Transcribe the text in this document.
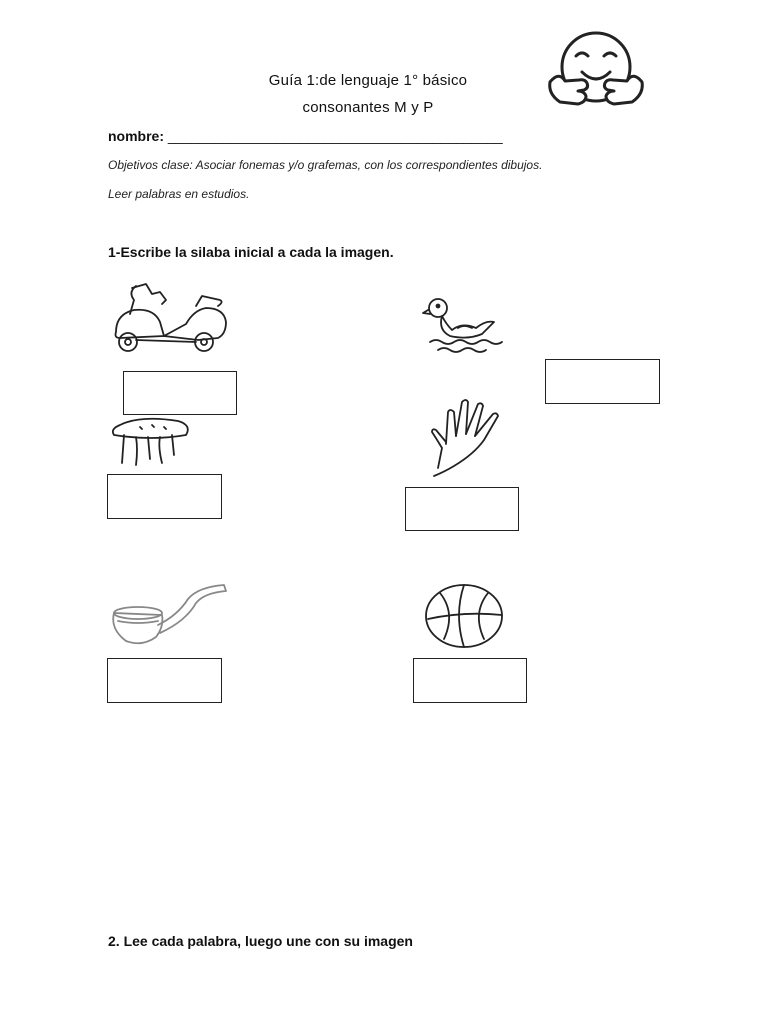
Guía 1:de lenguaje 1° básico
consonantes M y P
nombre: ___________________________________________
Objetivos clase: Asociar fonemas y/o grafemas, con los correspondientes dibujos.
Leer palabras en estudios.
1-Escribe la silaba inicial a cada la imagen.
2. Lee cada palabra, luego une con su imagen
